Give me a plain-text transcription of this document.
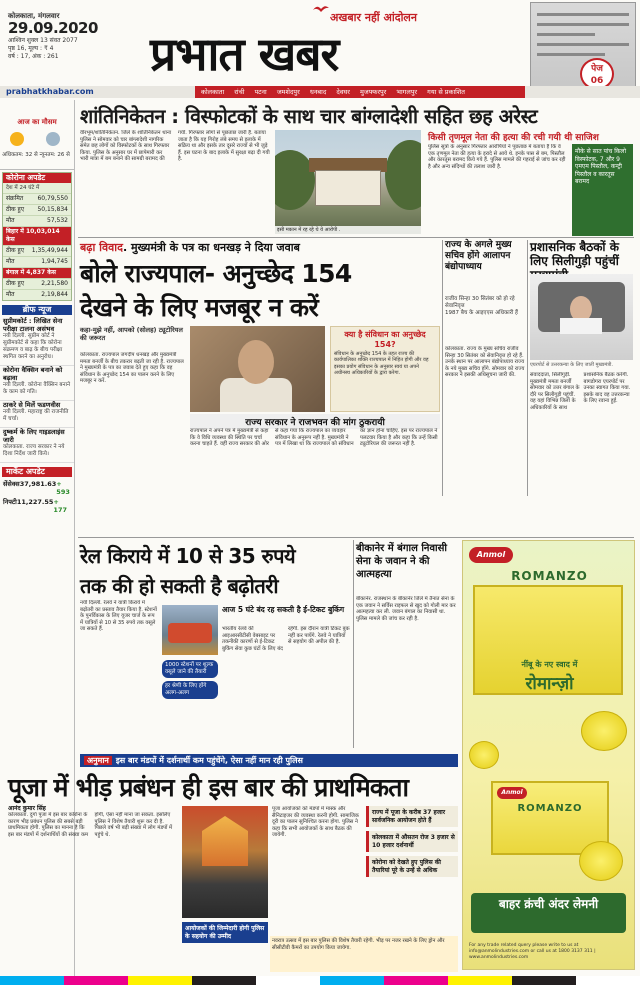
कोलकाता, मंगलवार
29.09.2020
आश्विन शुक्ल 13 संवत 2077
पृष्ठ 16, मूल्य : ₹ 4
वर्ष : 17, अंक : 261
अखबार नहीं आंदोलन
प्रभात खबर	पेज
06
prabhatkhabar.com	कोलकाता रांची पटना जमशेदपुर धनबाद देवघर मुजफ्फरपुर भागलपुर गया से प्रकाशित
आज का मौसम
अधिकतम: 32 से न्यूनतम: 26 से
कोरोना अपडेट
देश में 24 घंटे में
संक्रमित 60,79,550
ठीक हुए 50,15,834
मौत	57,532
बिहार में 10,03,014 केस
ठीक हुए 1,35,49,944
मौत	1,94,745
बंगाल में 4,837 केस
ठीक हुए	2,21,580
मौत	2,19,844
ब्रीफ न्यूज
सुप्रीमकोर्ट : लिखित सेना परीक्षा टालना असंभव

नयी दिल्ली. सुप्रीम कोर्ट ने सुप्रीमकोर्ट से कहा कि कोरोना संक्रमण व बाढ़ के बीच परीक्षा स्थगित करने का अनुरोध।

कोरोना वैक्सिन बनाने को बढ़ावा

नयी दिल्ली. कोरोना वैक्सिन बनाने के काम को गति।

ठाकरे से मिलें फडणवीस

नयी दिल्ली. महाराष्ट्र की राजनीति में चर्चा।

दुष्कर्म के लिए गाइडलाइंस जारी

कोलकाता. राज्य सरकार ने नये दिशा निर्देश जारी किये।

मार्केट अपडेट
सेंसेक्स 37,981.63 + 593
निफ्टी 11,227.55 + 177
शांतिनिकेतन : विस्फोटकों के साथ चार बांग्लादेशी सहित छह अरेस्ट
वीरभूम/शांतिनिकेतन. जिले के शांतिनिकेतन थाना पुलिस ने सोमवार को चार बांग्लादेशी नागरिक समेत छह लोगों को विस्फोटकों के साथ गिरफ्तार किया. पुलिस के अनुसार घर में छापेमारी कर भारी मात्रा में बम बनाने की सामग्री बरामद की गयी. गिरफ्तार लोगों से पूछताछ जारी है. बताया जाता है कि यह गिरोह लंबे समय से इलाके में सक्रिय था और इसके तार दूसरे राज्यों से भी जुड़े हैं. इस घटना के बाद इलाके में सुरक्षा बढ़ा दी गयी है.
इसी मकान में रह रहे थे ये आरोपी .
किसी तृणमूल नेता की हत्या की रची गयी थी साजिश
पुलिस सूत्रों के अनुसार गिरफ्तार आरोपियों ने पूछताछ में बताया है कि वे एक तृणमूल नेता की हत्या के इरादे से आये थे. इनके पास से बम, पिस्तौल और कारतूस बरामद किये गये हैं. पुलिस मामले की गहराई से जांच कर रही है और अन्य संदिग्धों की तलाश जारी है.
मौके से सात पांच किलो विस्फोटक, 7 और 9 एमएम पिस्तौल, कन्ट्री पिस्तौल व कारतूस बरामद
बढ़ा विवाद. मुख्यमंत्री के पत्र का धनखड़ ने दिया जवाब
बोले राज्यपाल- अनुच्छेद 154
देखने के लिए मजबूर न करें
कहा-मुझे नहीं, आपको (सोलह) ट्यूटोरियल की जरूरत	क्या है संविधान का अनुच्छेद 154?

संविधान के अनुच्छेद 154 के तहत राज्य की कार्यपालिका शक्ति राज्यपाल में निहित होगी और वह इसका प्रयोग संविधान के अनुसार स्वयं या अपने अधीनस्थ अधिकारियों के द्वारा करेगा.

कोलकाता. राज्यपाल जगदीप धनखड़ और मुख्यमंत्री ममता बनर्जी के बीच तकरार बढ़ती जा रही है. राज्यपाल ने मुख्यमंत्री के पत्र का जवाब देते हुए कहा कि वह संविधान के अनुच्छेद 154 का पालन करने के लिए मजबूर न करें.
राज्य सरकार ने राजभवन की मांग ठुकरायी
राज्यपाल ने अपने पत्र में मुख्यमंत्री से कहा कि वे विधि व्यवस्था की स्थिति पर चर्चा करना चाहते हैं. वहीं राज्य सरकार की ओर से कहा गया कि राज्यपाल का व्यवहार संविधान के अनुरूप नहीं है. मुख्यमंत्री ने पत्र में लिखा था कि राज्यपाल को संविधान का ज्ञान होना चाहिए. इस पर राज्यपाल ने पलटवार किया है और कहा कि उन्हें किसी ट्यूटोरियल की जरूरत नहीं है.
राज्य के अगले मुख्य सचिव होंगे आलापन बंद्योपाध्याय
राजीव सिन्हा 30 सितंबर को हो रहे सेवानिवृत्त
1987 बैच के आइएएस अधिकारी हैं
कोलकाता. राज्य के मुख्य सचिव राजीव सिन्हा 30 सितंबर को सेवानिवृत्त हो रहे हैं. उनके स्थान पर आलापन बंद्योपाध्याय राज्य के नये मुख्य सचिव होंगे. सोमवार को राज्य सरकार ने इसकी अधिसूचना जारी की.
प्रशासनिक बैठकों के लिए सिलीगुड़ी पहुंचीं
एयरपोर्ट से उत्तरकन्या के लिए जातीं मुख्यमंत्री.
संवाददाता, सिलीगुड़ी. मुख्यमंत्री ममता बनर्जी सोमवार को उत्तर बंगाल के दौरे पर सिलीगुड़ी पहुंचीं. वह यहां विभिन्न जिलों के अधिकारियों के साथ प्रशासनिक बैठक करेंगी. बागडोगरा एयरपोर्ट पर उनका स्वागत किया गया. इसके बाद वह उत्तरकन्या के लिए रवाना हुईं.
रेल किराये में 10 से 35 रुपये
तक की हो सकती है बढ़ोतरी
नयी दिल्ली. रेलवे ने यात्री किराये में बढ़ोतरी का प्रस्ताव तैयार किया है. स्टेशनों के पुनर्विकास के लिए यूजर चार्ज के रूप में यात्रियों से 10 से 35 रुपये तक वसूले जा सकते हैं.
1000 स्टेशनों पर शुल्क वसूले जाने की तैयारी
हर श्रेणी के लिए होंगे अलग-अलग
आज 5 घंटे बंद रह सकती है ई-टिकट बुकिंग
भारतीय रेलवे की आइआरसीटीसी वेबसाइट पर तकनीकी कारणों से ई-टिकट बुकिंग सेवा कुछ घंटों के लिए बंद रहेगी. इस दौरान यात्री टिकट बुक नहीं कर पायेंगे. रेलवे ने यात्रियों से सहयोग की अपील की है.
बीकानेर में बंगाल निवासी सेना के जवान ने की आत्महत्या
बीकानेर. राजस्थान के बीकानेर जिले में तैनात सेना के एक जवान ने सर्विस राइफल से खुद को गोली मार कर आत्महत्या कर ली. जवान बंगाल का निवासी था. पुलिस मामले की जांच कर रही है.
Anmol
ROMANZO
नींबू के नए स्वाद में
रोमान्ज़ो
Anmol
ROMANZO
बाहर क्रंची अंदर लेमनी
For any trade related query please write to us at info@anmolindustries.com or call us at 1800 3137 311 | www.anmolindustries.com
अनुमान इस बार मंडपों में दर्शनार्थी कम पहुंचेंगे, ऐसा नहीं मान रही पुलिस
पूजा में भीड़ प्रबंधन ही इस बार की प्राथमिकता
आनंद कुमार सिंह
कोलकाता. दुर्गा पूजा में इस बार कोरोना के कारण भीड़ प्रबंधन पुलिस की सबसे बड़ी प्राथमिकता होगी. पुलिस का मानना है कि इस बार मंडपों में दर्शनार्थियों की संख्या कम होगी, ऐसा नहीं माना जा सकता. इसलिए पुलिस ने विशेष तैयारी शुरू कर दी है. पिछले वर्ष भी बड़ी संख्या में लोग मंडपों में पहुंचे थे.
आयोजकों की जिम्मेदारी होगी पुलिस के सहयोग की उम्मीद
पूजा आयोजकों को मंडपों में मास्क और सैनिटाइजर की व्यवस्था करनी होगी. सामाजिक दूरी का पालन सुनिश्चित करना होगा. पुलिस ने कहा कि सभी आयोजकों के साथ बैठक की जायेगी.
राज्य में पूजा के करीब 37 हजार सार्वजनिक आयोजन होते हैं
कोलकाता में औसतन रोज 3 हजार से 10 हजार दर्शनार्थी
कोरोना को देखते हुए पुलिस की तैयारियां पूरे के उन्हें से अधिक
नवरात्र उत्सव में इस बार पुलिस की विशेष तैयारी रहेगी. भीड़ पर नजर रखने के लिए ड्रोन और सीसीटीवी कैमरों का उपयोग किया जायेगा.
